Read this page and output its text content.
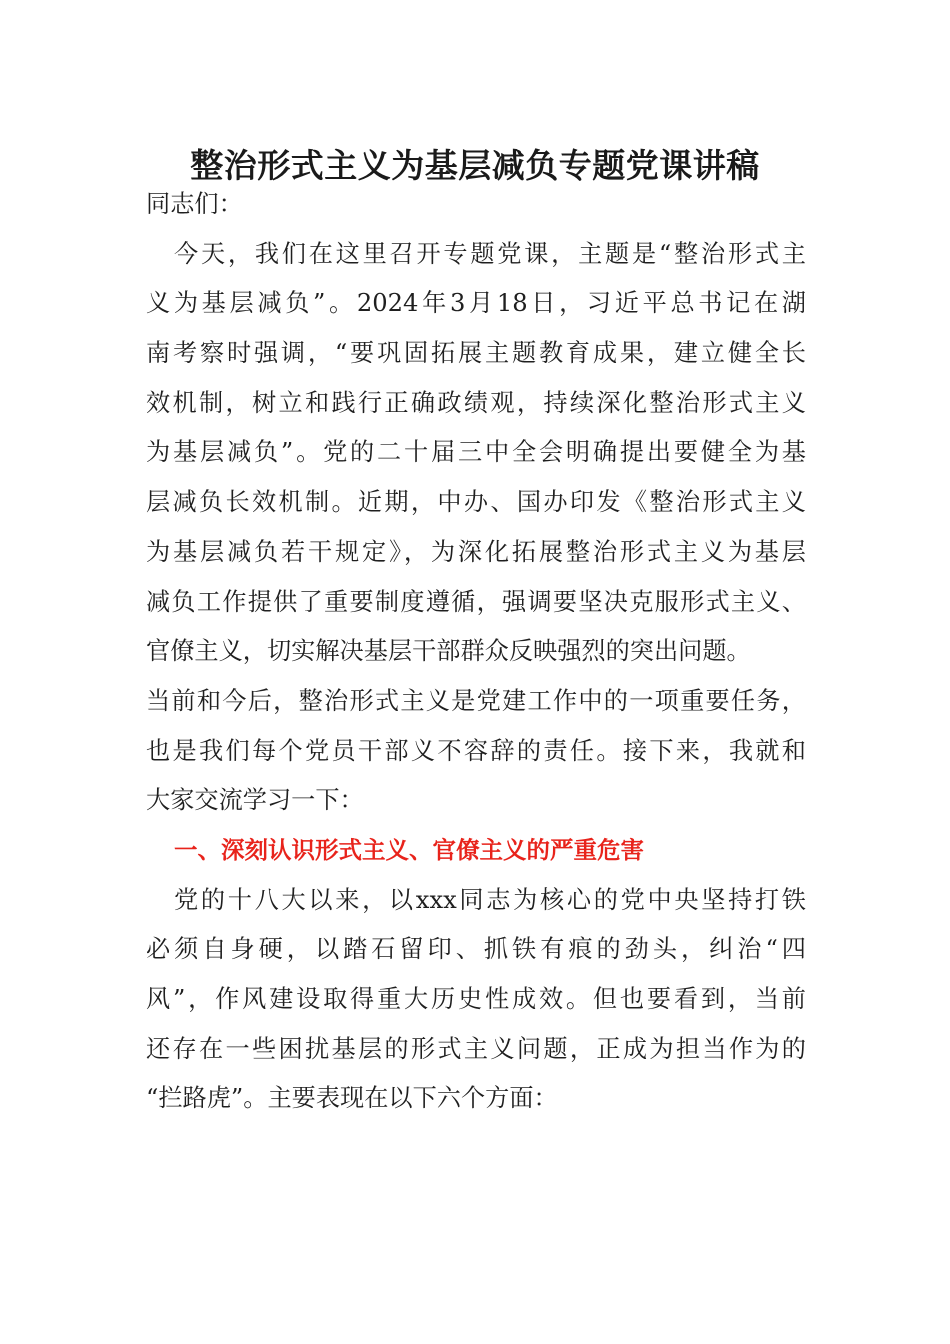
整治形式主义为基层减负专题党课讲稿
同志们：
今天，我们在这里召开专题党课，主题是“整治形式主
义为基层减负”。2024年3月18日，习近平总书记在湖
南考察时强调，“要巩固拓展主题教育成果，建立健全长
效机制，树立和践行正确政绩观，持续深化整治形式主义
为基层减负”。党的二十届三中全会明确提出要健全为基
层减负长效机制。近期，中办、国办印发《整治形式主义
为基层减负若干规定》，为深化拓展整治形式主义为基层
减负工作提供了重要制度遵循，强调要坚决克服形式主义、
官僚主义，切实解决基层干部群众反映强烈的突出问题。
当前和今后，整治形式主义是党建工作中的一项重要任务，
也是我们每个党员干部义不容辞的责任。接下来，我就和
大家交流学习一下：
一、深刻认识形式主义、官僚主义的严重危害
党的十八大以来，以xxx同志为核心的党中央坚持打铁
必须自身硬，以踏石留印、抓铁有痕的劲头，纠治“四
风”，作风建设取得重大历史性成效。但也要看到，当前
还存在一些困扰基层的形式主义问题，正成为担当作为的
“拦路虎”。主要表现在以下六个方面：
